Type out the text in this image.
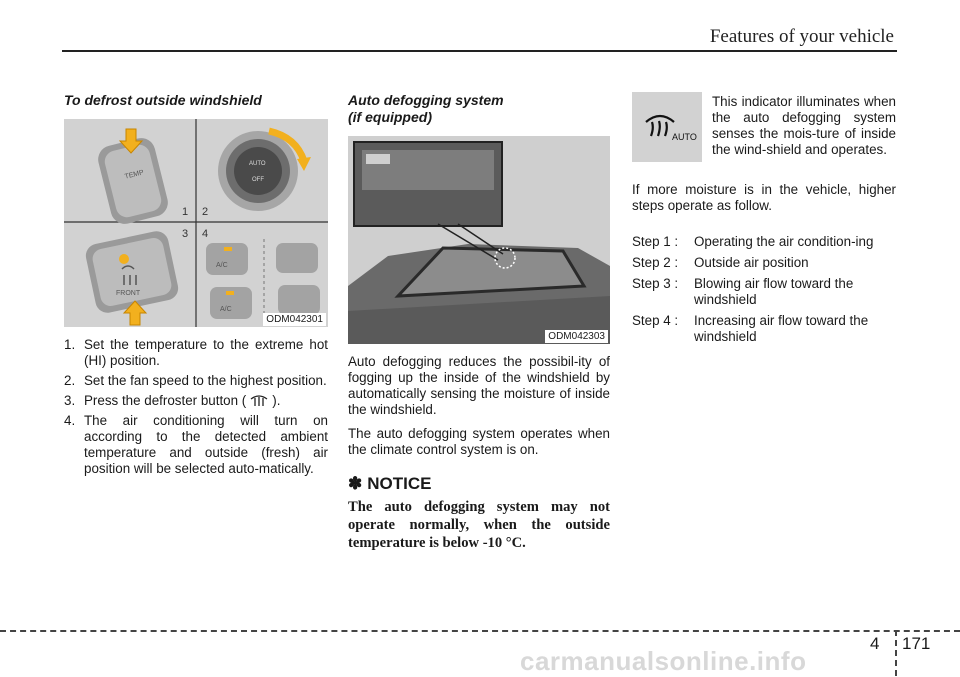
Features of your vehicle
To defrost outside windshield
TEMP
AUTO
OFF
1 2
3 4
FRONT
A/C
A/C
ODM042301
1. Set the temperature to the extreme hot (HI) position.
2. Set the fan speed to the highest position.
3. Press the defroster button ( ).
4. The air conditioning will turn on according to the detected ambient temperature and outside (fresh) air position will be selected auto-matically.
Auto defogging system
(if equipped)
ODM042303

Auto defogging reduces the possibil-ity of fogging up the inside of the windshield by automatically sensing the moisture of inside the windshield.

The auto defogging system operates when the climate control system is on.

✽ NOTICE
The auto defogging system may not operate normally, when the outside temperature is below -10 °C.
AUTO
This indicator illuminates when the auto defogging system senses the mois-ture of inside the wind-shield and operates.

If more moisture is in the vehicle, higher steps operate as follow.

Step 1 :	Operating the air condition-ing
Step 2 :	Outside air position
Step 3 :	Blowing air flow toward the windshield
Step 4 :	Increasing air flow toward the windshield
4 171
carmanualsonline.info
